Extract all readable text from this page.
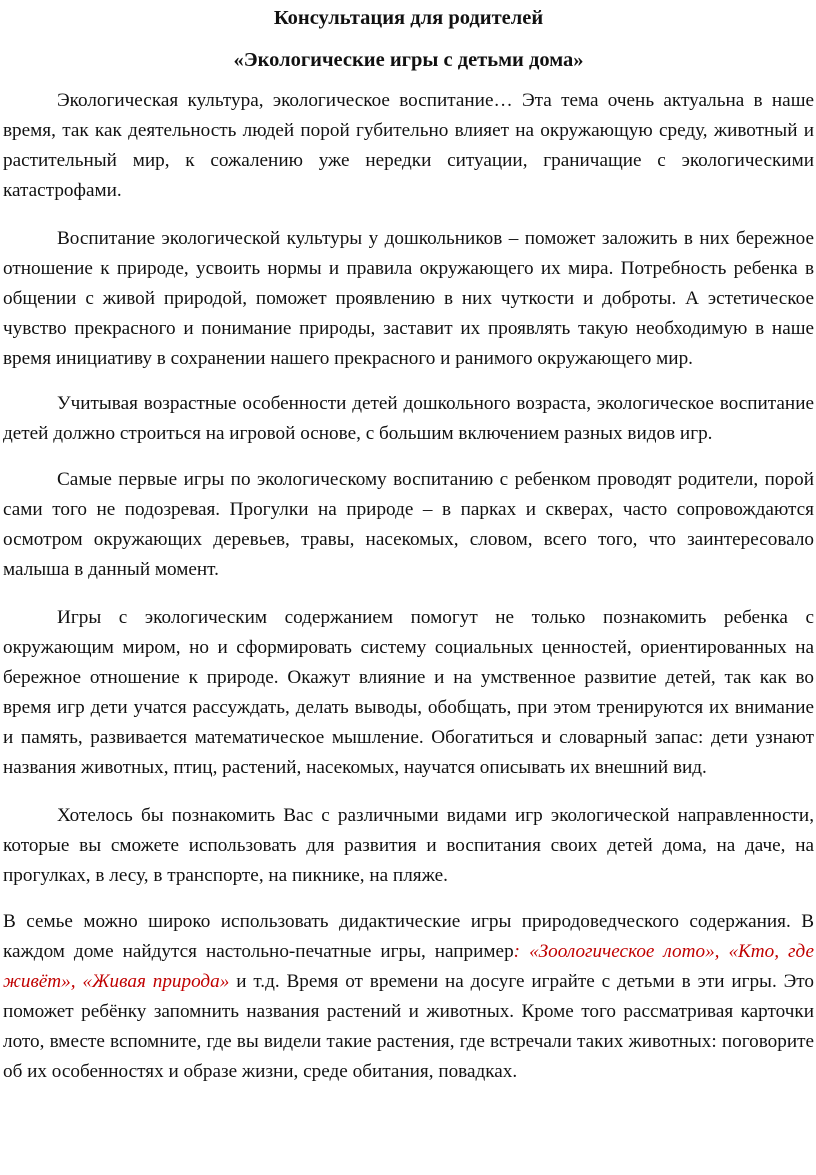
Консультация для родителей
«Экологические игры с детьми дома»

Экологическая культура, экологическое воспитание… Эта тема очень актуальна в наше время, так как деятельность людей порой губительно влияет на окружающую среду, животный и растительный мир, к сожалению уже нередки ситуации, граничащие с экологическими катастрофами.

Воспитание экологической культуры у дошкольников – поможет заложить в них бережное отношение к природе, усвоить нормы и правила окружающего их мира. Потребность ребенка в общении с живой природой, поможет проявлению в них чуткости и доброты. А эстетическое чувство прекрасного и понимание природы, заставит их проявлять такую необходимую в наше время инициативу в сохранении нашего прекрасного и ранимого окружающего мир.

Учитывая возрастные особенности детей дошкольного возраста, экологическое воспитание детей должно строиться на игровой основе, с большим включением разных видов игр.

Самые первые игры по экологическому воспитанию с ребенком проводят родители, порой сами того не подозревая. Прогулки на природе – в парках и скверах, часто сопровождаются осмотром окружающих деревьев, травы, насекомых, словом, всего того, что заинтересовало малыша в данный момент.

Игры с экологическим содержанием помогут не только познакомить ребенка с окружающим миром, но и сформировать систему социальных ценностей, ориентированных на бережное отношение к природе. Окажут влияние и на умственное развитие детей, так как во время игр дети учатся рассуждать, делать выводы, обобщать, при этом тренируются их внимание и память, развивается математическое мышление. Обогатиться и словарный запас: дети узнают названия животных, птиц, растений, насекомых, научатся описывать их внешний вид.

Хотелось бы познакомить Вас с различными видами игр экологической направленности, которые вы сможете использовать для развития и воспитания своих детей дома, на даче, на прогулках, в лесу, в транспорте, на пикнике, на пляже.

В семье можно широко использовать дидактические игры природоведческого содержания. В каждом доме найдутся настольно-печатные игры, например: «Зоологическое лото», «Кто, где живёт», «Живая природа» и т.д. Время от времени на досуге играйте с детьми в эти игры. Это поможет ребёнку запомнить названия растений и животных. Кроме того рассматривая карточки лото, вместе вспомните, где вы видели такие растения, где встречали таких животных: поговорите об их особенностях и образе жизни, среде обитания, повадках.
